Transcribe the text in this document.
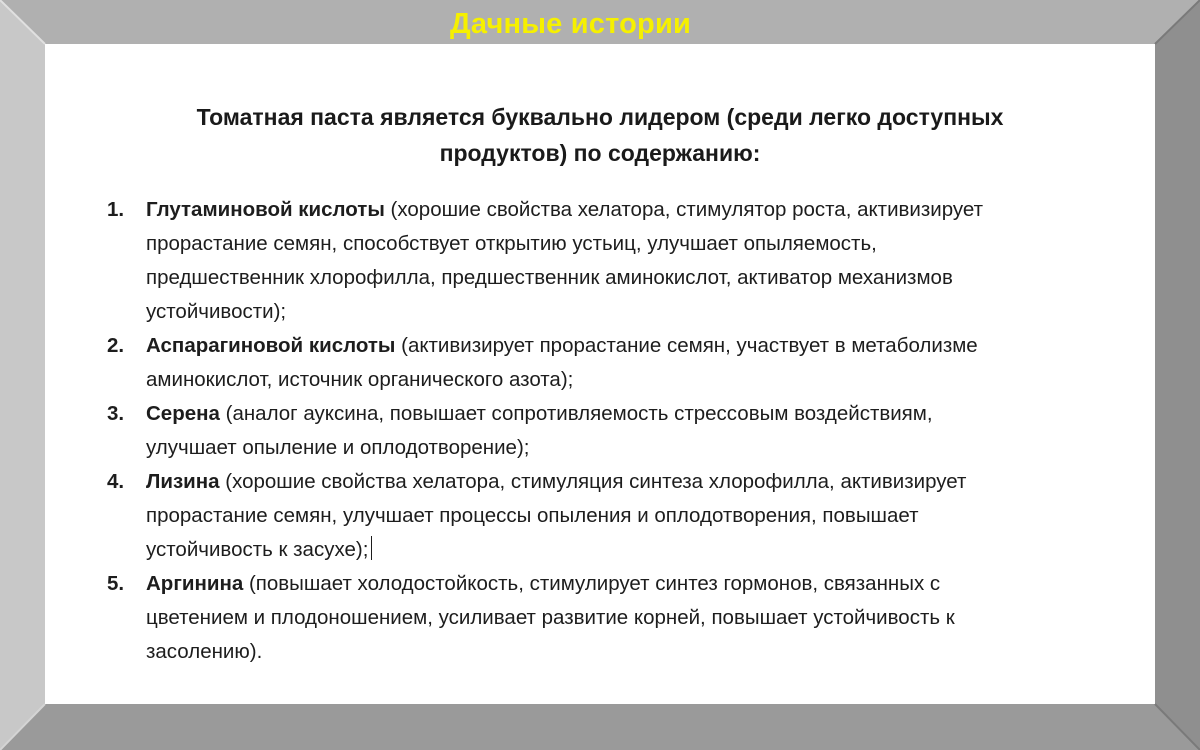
Дачные истории
Томатная паста является буквально лидером (среди легко доступных
продуктов) по содержанию:
1. Глутаминовой кислоты (хорошие свойства хелатора, стимулятор роста, активизирует
прорастание семян, способствует открытию устьиц, улучшает опыляемость,
предшественник хлорофилла, предшественник аминокислот, активатор механизмов
устойчивости);
2. Аспарагиновой кислоты (активизирует прорастание семян, участвует в метаболизме
аминокислот, источник органического азота);
3. Серена (аналог ауксина, повышает сопротивляемость стрессовым воздействиям,
улучшает опыление и оплодотворение);
4. Лизина (хорошие свойства хелатора, стимуляция синтеза хлорофилла, активизирует
прорастание семян, улучшает процессы опыления и оплодотворения, повышает
устойчивость к засухе);
5. Аргинина (повышает холодостойкость, стимулирует синтез гормонов, связанных с
цветением и плодоношением, усиливает развитие корней, повышает устойчивость к
засолению).
